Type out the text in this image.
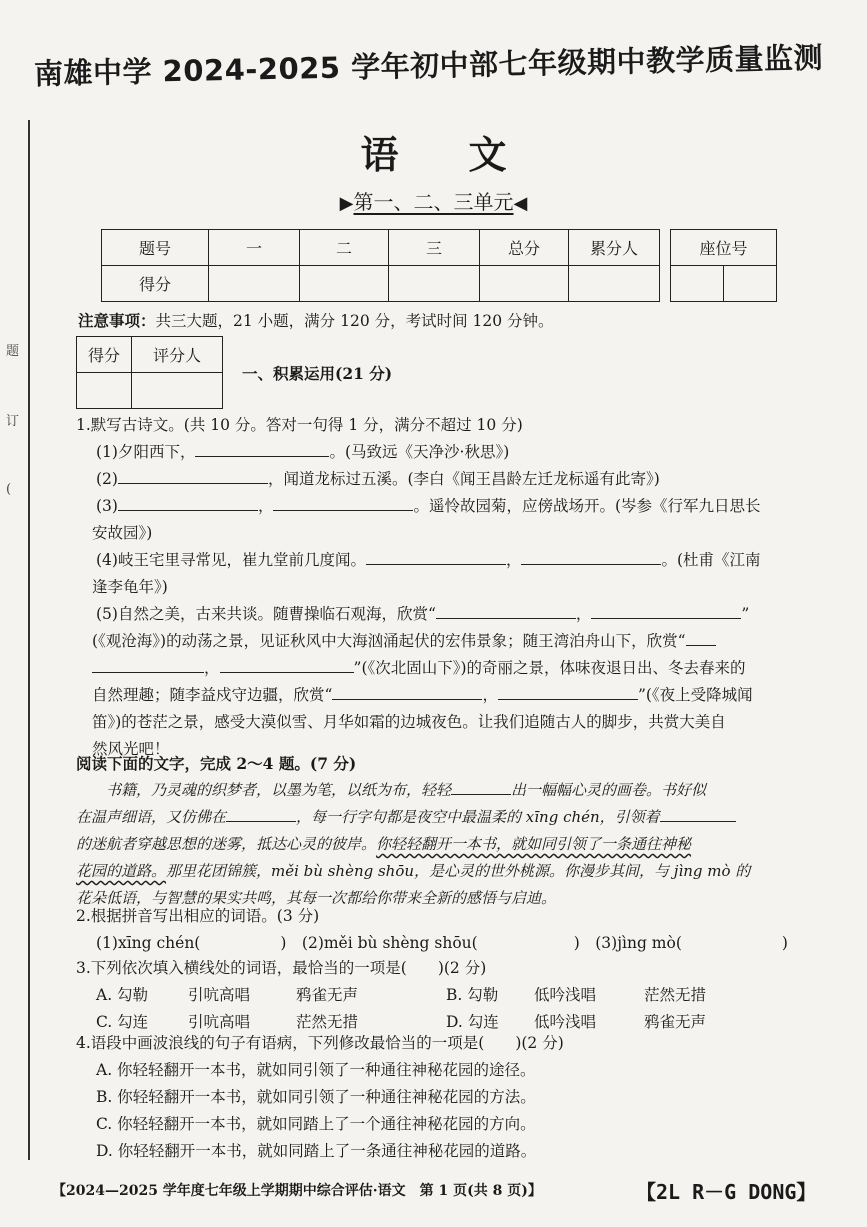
题
订
(
南雄中学 2024-2025 学年初中部七年级期中教学质量监测
语文
▶第一、二、三单元◀
题号	一	二	三	总分	累分人
得分					
座位号

注意事项：共三大题，21 小题，满分 120 分，考试时间 120 分钟。
得分	评分人

一、积累运用(21 分)
1.默写古诗文。(共 10 分。答对一句得 1 分，满分不超过 10 分)
(1)夕阳西下，	。(马致远《天净沙·秋思》)
(2)	，闻道龙标过五溪。(李白《闻王昌龄左迁龙标遥有此寄》)
(3)	，	。遥怜故园菊，应傍战场开。(岑参《行军九日思长
安故园》)
(4)岐王宅里寻常见，崔九堂前几度闻。	，	。(杜甫《江南
逢李龟年》)
(5)自然之美，古来共谈。随曹操临石观海，欣赏“	，	”
(《观沧海》)的动荡之景，见证秋风中大海汹涌起伏的宏伟景象；随王湾泊舟山下，欣赏“
，	”(《次北固山下》)的奇丽之景，体味夜退日出、冬去春来的
自然理趣；随李益戍守边疆，欣赏“	，	”(《夜上受降城闻
笛》)的苍茫之景，感受大漠似雪、月华如霜的边城夜色。让我们追随古人的脚步，共赏大美自
然风光吧！
阅读下面的文字，完成 2～4 题。(7 分)
书籍，乃灵魂的织梦者，以墨为笔，以纸为布，轻轻	出一幅幅心灵的画卷。书好似
在温声细语，又仿佛在	，每一行字句都是夜空中最温柔的 xīng chén，引领着
的迷航者穿越思想的迷雾，抵达心灵的彼岸。你轻轻翻开一本书，就如同引领了一条通往神秘
花园的道路。那里花团锦簇，měi bù shèng shōu，是心灵的世外桃源。你漫步其间，与 jìng mò 的
花朵低语，与智慧的果实共鸣，其每一次都给你带来全新的感悟与启迪。
2.根据拼音写出相应的词语。(3 分)
(1)xīng chén(	)　(2)měi bù shèng shōu(	)　(3)jìng mò(	)
3.下列依次填入横线处的词语，最恰当的一项是(　　)(2 分)
A. 勾勒	引吭高唱	鸦雀无声	B. 勾勒 低吟浅唱	茫然无措
C. 勾连	引吭高唱	茫然无措	D. 勾连 低吟浅唱	鸦雀无声
4.语段中画波浪线的句子有语病，下列修改最恰当的一项是(　　)(2 分)
A. 你轻轻翻开一本书，就如同引领了一种通往神秘花园的途径。
B. 你轻轻翻开一本书，就如同引领了一种通往神秘花园的方法。
C. 你轻轻翻开一本书，就如同踏上了一个通往神秘花园的方向。
D. 你轻轻翻开一本书，就如同踏上了一条通往神秘花园的道路。
【2024—2025 学年度七年级上学期期中综合评估·语文　第 1 页(共 8 页)】	【2L R－G DONG】
